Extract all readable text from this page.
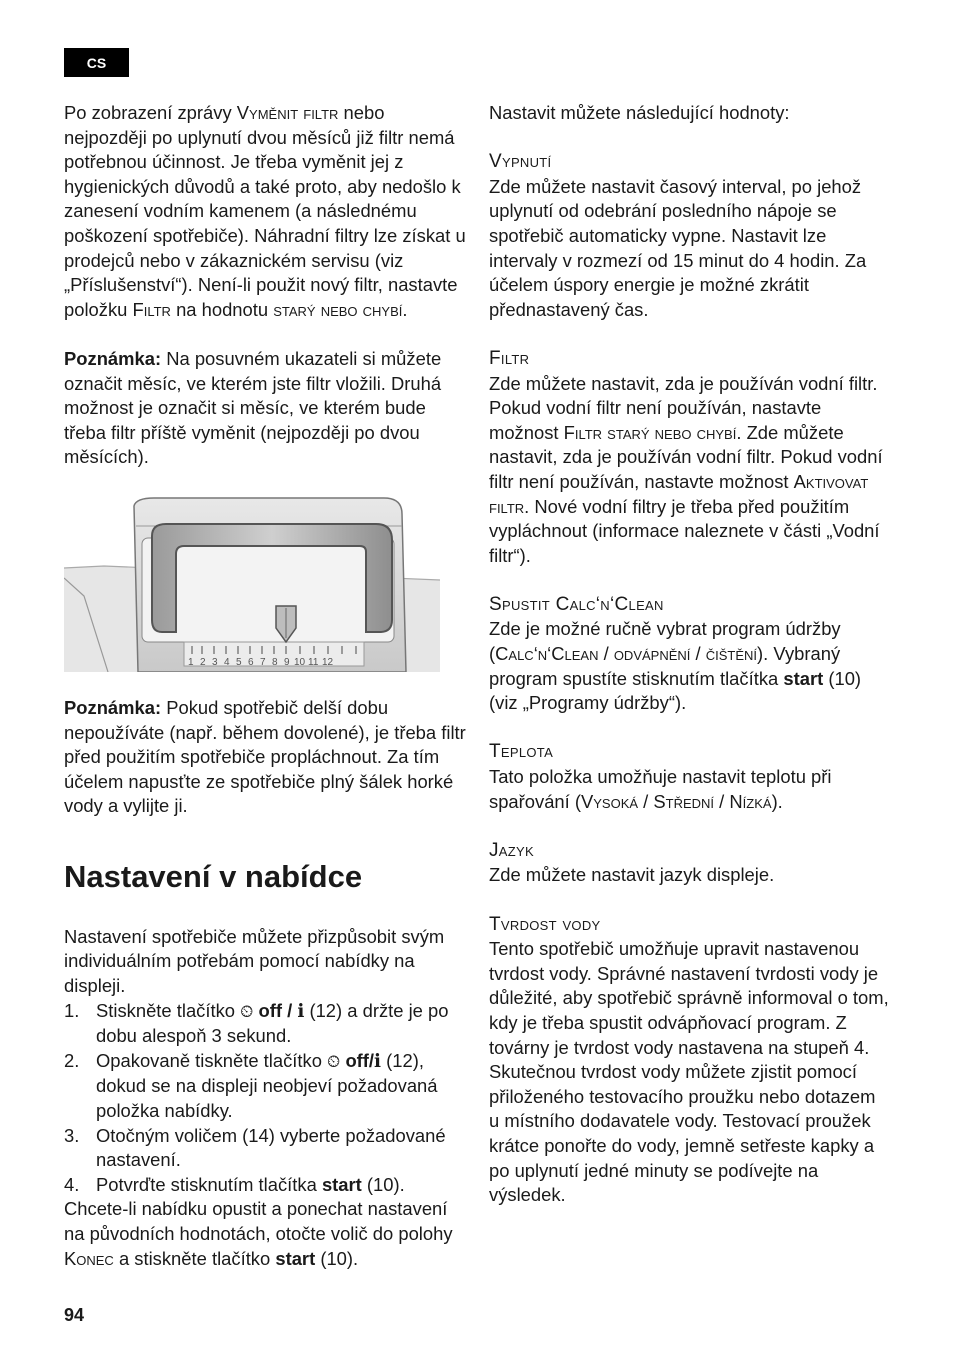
CS

Po zobrazení zprávy Vyměnit filtr nebo nejpozději po uplynutí dvou měsíců již filtr nemá potřebnou účinnost. Je třeba vyměnit jej z hygienických důvodů a také proto, aby nedošlo k zanesení vodním kamenem (a následnému poškození spotřebiče). Náhradní filtry lze získat u prodejců nebo v zákaznickém servisu (viz „Příslušenství“). Není-li použit nový filtr, nastavte položku Filtr na hodnotu starý nebo chybí.

Poznámka: Na posuvném ukazateli si můžete označit měsíc, ve kterém jste filtr vložili. Druhá možnost je označit si měsíc, ve kterém bude třeba filtr příště vyměnit (nejpozději po dvou měsících).

1 2 3 4 5 6 7 8 9 10 11 12

Poznámka: Pokud spotřebič delší dobu nepoužíváte (např. během dovolené), je třeba filtr před použitím spotřebiče propláchnout. Za tím účelem napusťte ze spotřebiče plný šálek horké vody a vylijte ji.

Nastavení v nabídce

Nastavení spotřebiče můžete přizpůsobit svým individuálním potřebám pomocí nabídky na displeji.

1. Stiskněte tlačítko ⏲ off / i (12) a držte je po dobu alespoň 3 sekund.
2. Opakovaně tiskněte tlačítko ⏲ off/i (12), dokud se na displeji neobjeví požadovaná položka nabídky.
3. Otočným voličem (14) vyberte požadované nastavení.
4. Potvrďte stisknutím tlačítka start (10).

Chcete-li nabídku opustit a ponechat nastavení na původních hodnotách, otočte volič do polohy Konec a stiskněte tlačítko start (10).

Nastavit můžete následující hodnoty:

Vypnutí

Zde můžete nastavit časový interval, po jehož uplynutí od odebrání posledního nápoje se spotřebič automaticky vypne. Nastavit lze intervaly v rozmezí od 15 minut do 4 hodin. Za účelem úspory energie je možné zkrátit přednastavený čas.

Filtr

Zde můžete nastavit, zda je používán vodní filtr. Pokud vodní filtr není používán, nastavte možnost Filtr starý nebo chybí. Zde můžete nastavit, zda je používán vodní filtr. Pokud vodní filtr není používán, nastavte možnost Aktivovat filtr. Nové vodní filtry je třeba před použitím vypláchnout (informace naleznete v části „Vodní filtr“).

Spustit Calc‘n‘Clean

Zde je možné ručně vybrat program údržby (Calc‘n‘Clean / odvápnění / čištění). Vybraný program spustíte stisknutím tlačítka start (10) (viz „Programy údržby“).

Teplota

Tato položka umožňuje nastavit teplotu při spařování (Vysoká / Střední / Nízká).

Jazyk

Zde můžete nastavit jazyk displeje.

Tvrdost vody

Tento spotřebič umožňuje upravit nastavenou tvrdost vody. Správné nastavení tvrdosti vody je důležité, aby spotřebič správně informoval o tom, kdy je třeba spustit odvápňovací program. Z továrny je tvrdost vody nastavena na stupeň 4. Skutečnou tvrdost vody můžete zjistit pomocí přiloženého testovacího proužku nebo dotazem u místního dodavatele vody. Testovací proužek krátce ponořte do vody, jemně setřeste kapky a po uplynutí jedné minuty se podívejte na výsledek.

94
